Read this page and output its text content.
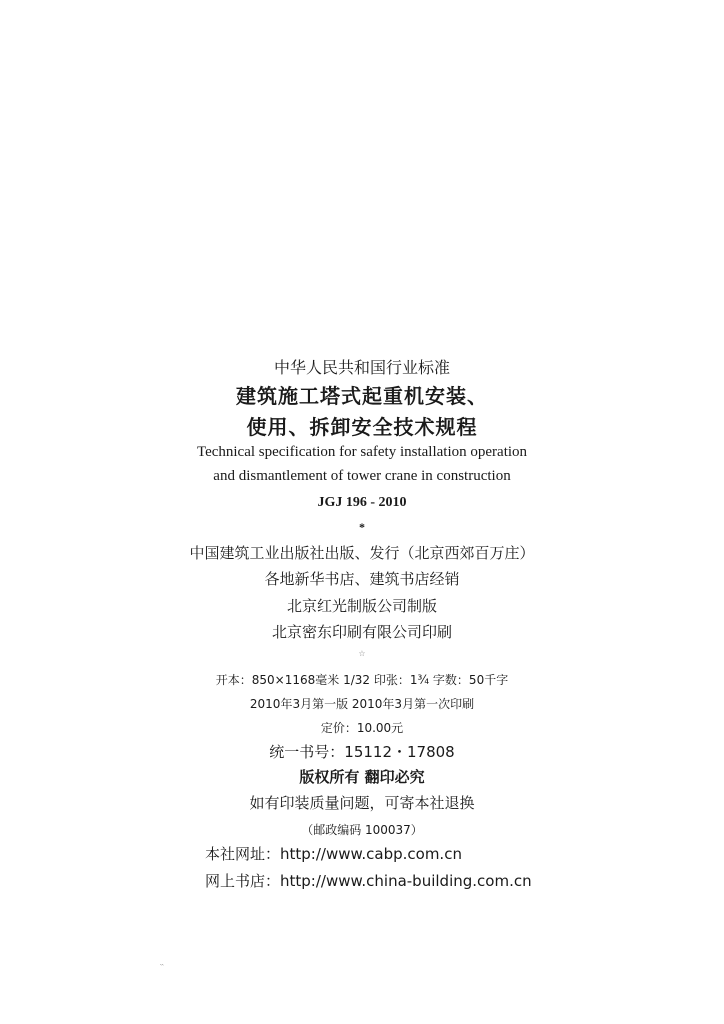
中华人民共和国行业标准
建筑施工塔式起重机安装、
使用、拆卸安全技术规程
Technical specification for safety installation operation
and dismantlement of tower crane in construction
JGJ 196 - 2010
*
中国建筑工业出版社出版、发行（北京西郊百万庄）
各地新华书店、建筑书店经销
北京红光制版公司制版
北京密东印刷有限公司印刷
☆
开本：850×1168毫米 1/32 印张：1¾ 字数：50千字
2010年3月第一版 2010年3月第一次印刷
定价：10.00元
统一书号：15112・17808
版权所有 翻印必究
如有印装质量问题，可寄本社退换
（邮政编码 100037）
本社网址：http://www.cabp.com.cn
网上书店：http://www.china-building.com.cn
‵‵
